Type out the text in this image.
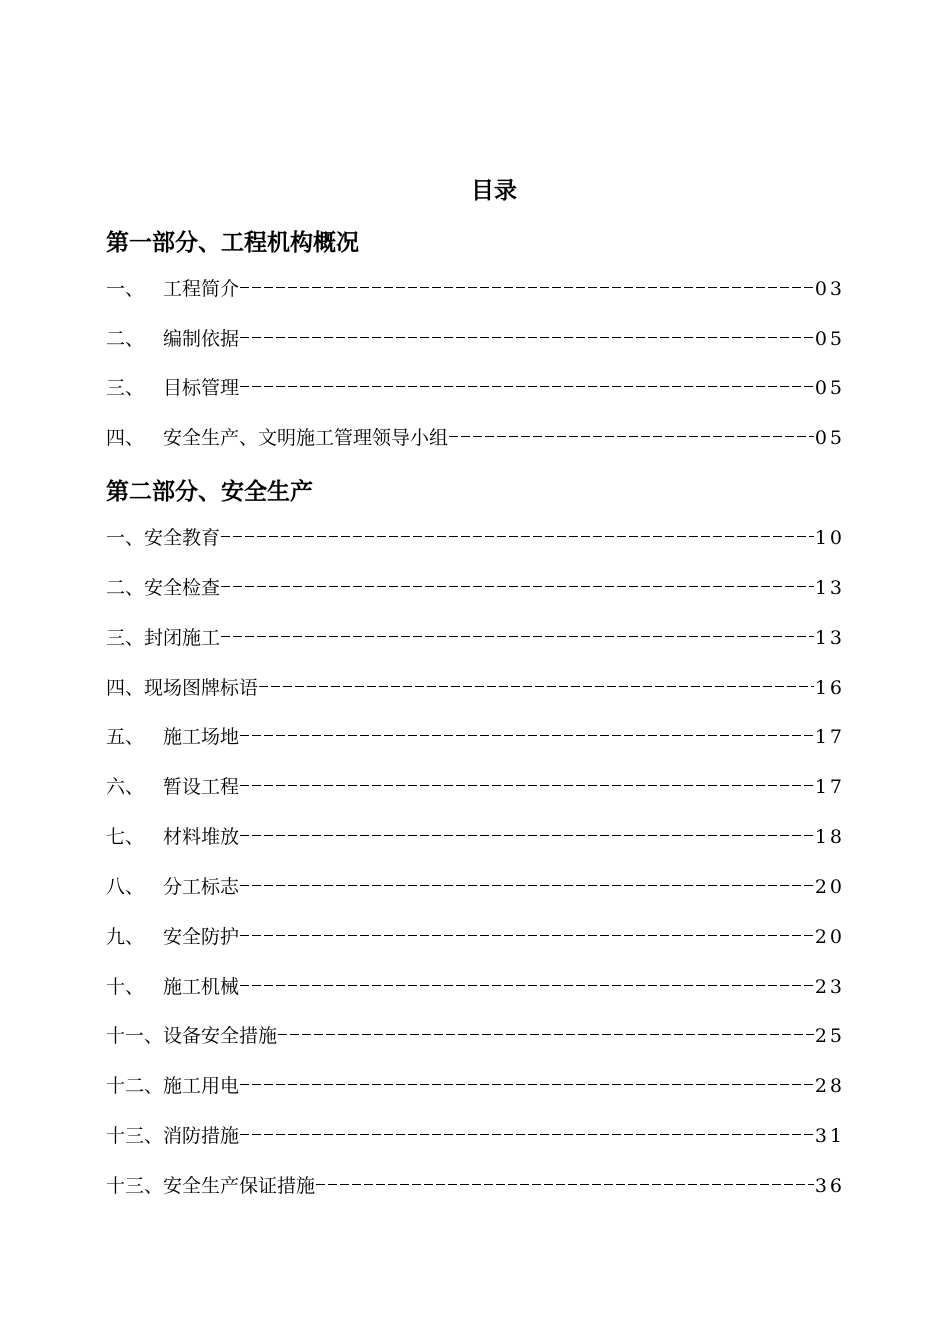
目录
第一部分、工程机构概况
一、 工程简介	03
二、 编制依据	05
三、 目标管理	05
四、 安全生产、文明施工管理领导小组	05
第二部分、安全生产
一、 安全教育	10
二、 安全检查	13
三、 封闭施工	13
四、 现场图牌标语	16
五、 施工场地	17
六、 暂设工程	17
七、 材料堆放	18
八、 分工标志	20
九、 安全防护	20
十、 施工机械	23
十一、 设备安全措施	25
十二、 施工用电	28
十三、 消防措施	31
十三、 安全生产保证措施	36
